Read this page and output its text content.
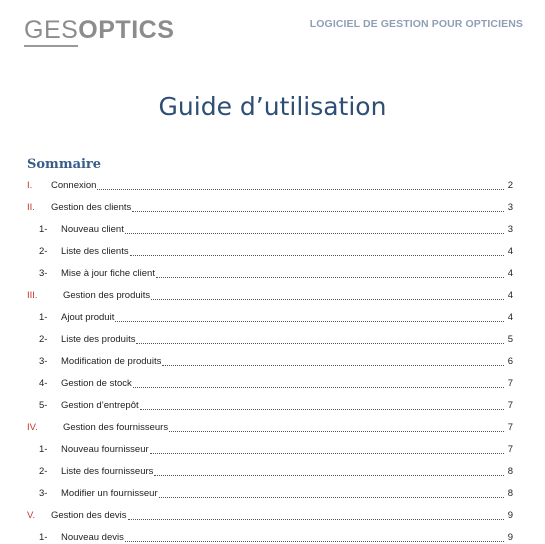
GES OPTICS	LOGICIEL DE GESTION POUR OPTICIENS
Guide d’utilisation
Sommaire
I.	Connexion	2
II.	Gestion des clients	3
1-	Nouveau client	3
2-	Liste des clients	4
3-	Mise à jour fiche client	4
III.	Gestion des produits	4
1-	Ajout produit	4
2-	Liste des produits	5
3-	Modification de produits	6
4-	Gestion de stock	7
5-	Gestion d’entrepôt	7
IV.	Gestion des fournisseurs	7
1-	Nouveau fournisseur	7
2-	Liste des fournisseurs	8
3-	Modifier un fournisseur	8
V.	Gestion des devis	9
1-	Nouveau devis	9
